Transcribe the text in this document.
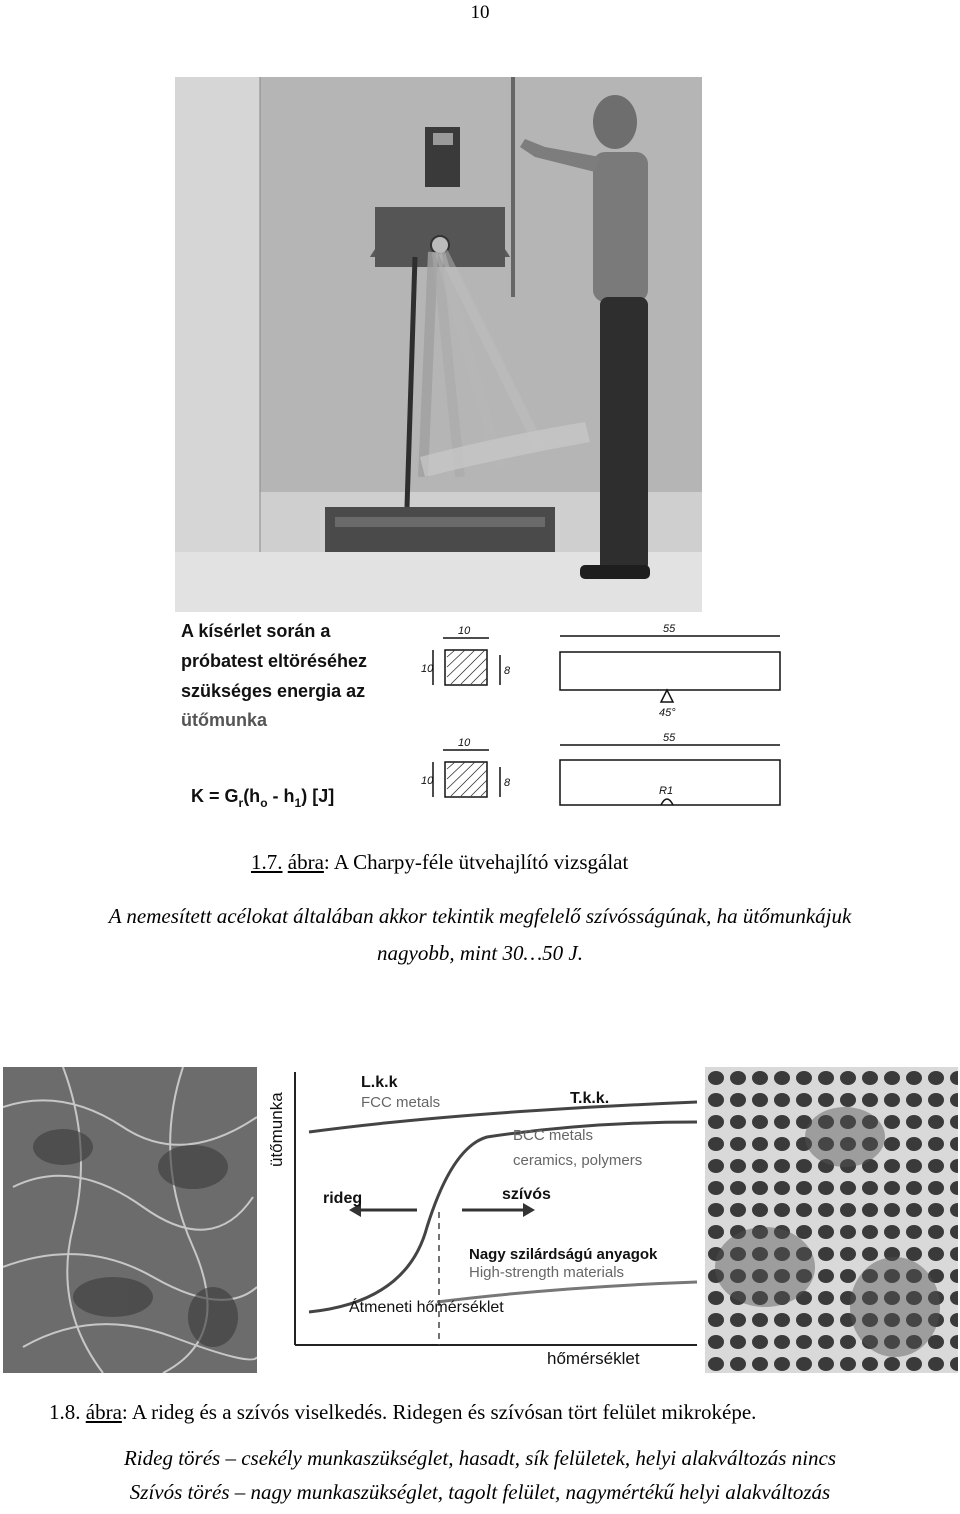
10
A kísérlet során a
próbatest eltöréséhez
szükséges energia az
ütőmunka
$K = G_r(h_o - h_1)$ [J]
10
10	8
10
10	8
55
55
45°
R1
1.7. ábra: A Charpy-féle ütvehajlító vizsgálat
A nemesített acélokat általában akkor tekintik megfelelő szívósságúnak, ha ütőmunkájuk
nagyobb, mint 30…50 J.
ütőmunka
hőmérséklet
L.k.k
FCC metals	T.k.k.
BCC metals
ceramics, polymers
rideg	szívós
Nagy szilárdságú anyagok
High-strength materials
Átmeneti hőmérséklet
1.8. ábra: A rideg és a szívós viselkedés. Ridegen és szívósan tört felület mikroképe.
Rideg törés – csekély munkaszükséglet, hasadt, sík felületek, helyi alakváltozás nincs
Szívós törés – nagy munkaszükséglet, tagolt felület, nagymértékű helyi alakváltozás
